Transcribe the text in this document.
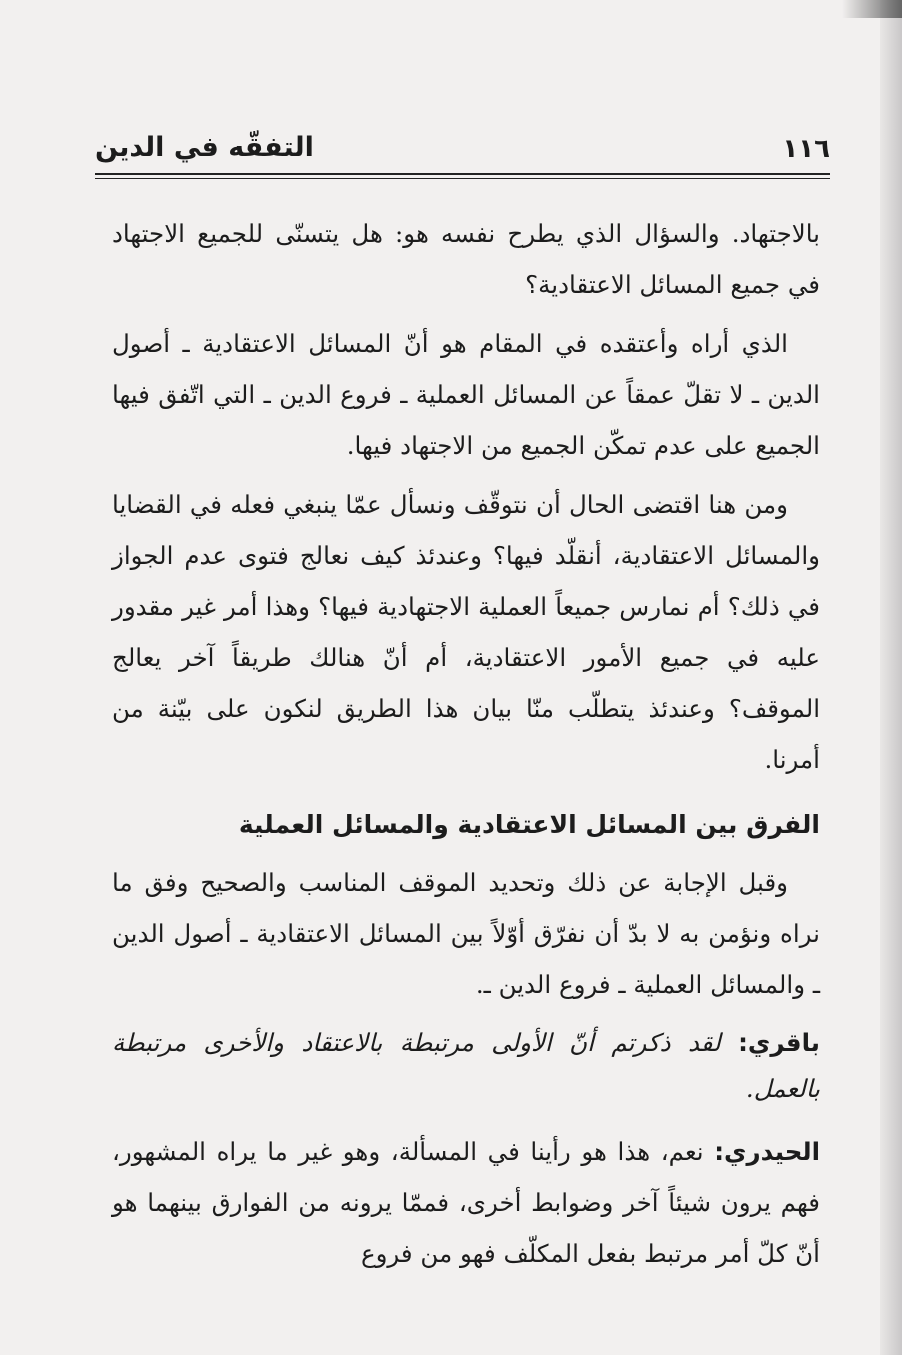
١١٦
التفقّه في الدين

بالاجتهاد. والسؤال الذي يطرح نفسه هو: هل يتسنّى للجميع الاجتهاد في جميع المسائل الاعتقادية؟

الذي أراه وأعتقده في المقام هو أنّ المسائل الاعتقادية ـ أصول الدين ـ لا تقلّ عمقاً عن المسائل العملية ـ فروع الدين ـ التي اتّفق فيها الجميع على عدم تمكّن الجميع من الاجتهاد فيها.

ومن هنا اقتضى الحال أن نتوقّف ونسأل عمّا ينبغي فعله في القضايا والمسائل الاعتقادية، أنقلّد فيها؟ وعندئذ كيف نعالج فتوى عدم الجواز في ذلك؟ أم نمارس جميعاً العملية الاجتهادية فيها؟ وهذا أمر غير مقدور عليه في جميع الأمور الاعتقادية، أم أنّ هنالك طريقاً آخر يعالج الموقف؟ وعندئذ يتطلّب منّا بيان هذا الطريق لنكون على بيّنة من أمرنا.

الفرق بين المسائل الاعتقادية والمسائل العملية

وقبل الإجابة عن ذلك وتحديد الموقف المناسب والصحيح وفق ما نراه ونؤمن به لا بدّ أن نفرّق أوّلاً بين المسائل الاعتقادية ـ أصول الدين ـ والمسائل العملية ـ فروع الدين ـ.

باقري: لقد ذكرتم أنّ الأولى مرتبطة بالاعتقاد والأخرى مرتبطة بالعمل.

الحيدري: نعم، هذا هو رأينا في المسألة، وهو غير ما يراه المشهور، فهم يرون شيئاً آخر وضوابط أخرى، فممّا يرونه من الفوارق بينهما هو أنّ كلّ أمر مرتبط بفعل المكلّف فهو من فروع
